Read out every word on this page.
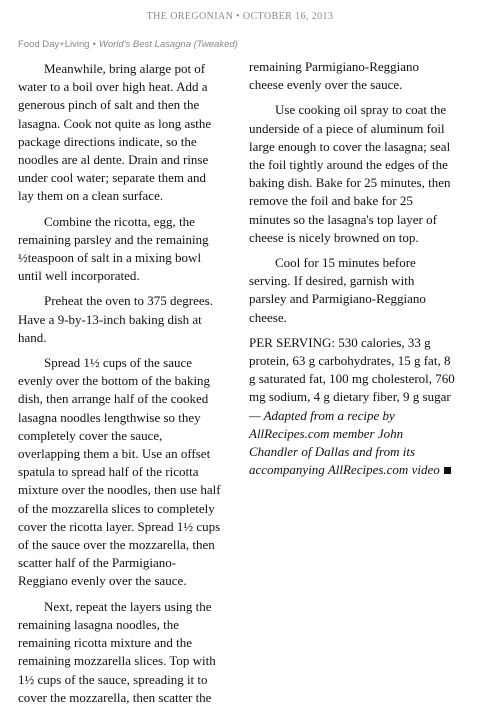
THE OREGONIAN • OCTOBER 16, 2013
Food Day+Living • World's Best Lasagna (Tweaked)

Meanwhile, bring alarge pot of water to a boil over high heat. Add a generous pinch of salt and then the lasagna. Cook not quite as long asthe package directions indicate, so the noodles are al dente. Drain and rinse under cool water; separate them and lay them on a clean surface.

Combine the ricotta, egg, the remaining parsley and the remaining ½teaspoon of salt in a mixing bowl until well incorporated.

Preheat the oven to 375 degrees. Have a 9-by-13-inch baking dish at hand.

Spread 1½ cups of the sauce evenly over the bottom of the baking dish, then arrange half of the cooked lasagna noodles lengthwise so they completely cover the sauce, overlapping them a bit. Use an offset spatula to spread half of the ricotta mixture over the noodles, then use half of the mozzarella slices to completely cover the ricotta layer. Spread 1½ cups of the sauce over the mozzarella, then scatter half of the Parmigiano-Reggiano evenly over the sauce.

Next, repeat the layers using the remaining lasagna noodles, the remaining ricotta mixture and the remaining mozzarella slices. Top with 1½ cups of the sauce, spreading it to cover the mozzarella, then scatter the

remaining Parmigiano-Reggiano cheese evenly over the sauce.

Use cooking oil spray to coat the underside of a piece of aluminum foil large enough to cover the lasagna; seal the foil tightly around the edges of the baking dish. Bake for 25 minutes, then remove the foil and bake for 25 minutes so the lasagna's top layer of cheese is nicely browned on top.

Cool for 15 minutes before serving. If desired, garnish with parsley and Parmigiano-Reggiano cheese.

PER SERVING: 530 calories, 33 g protein, 63 g carbohydrates, 15 g fat, 8 g saturated fat, 100 mg cholesterol, 760 mg sodium, 4 g dietary fiber, 9 g sugar

— Adapted from a recipe by AllRecipes.com member John Chandler of Dallas and from its accompanying AllRecipes.com video
